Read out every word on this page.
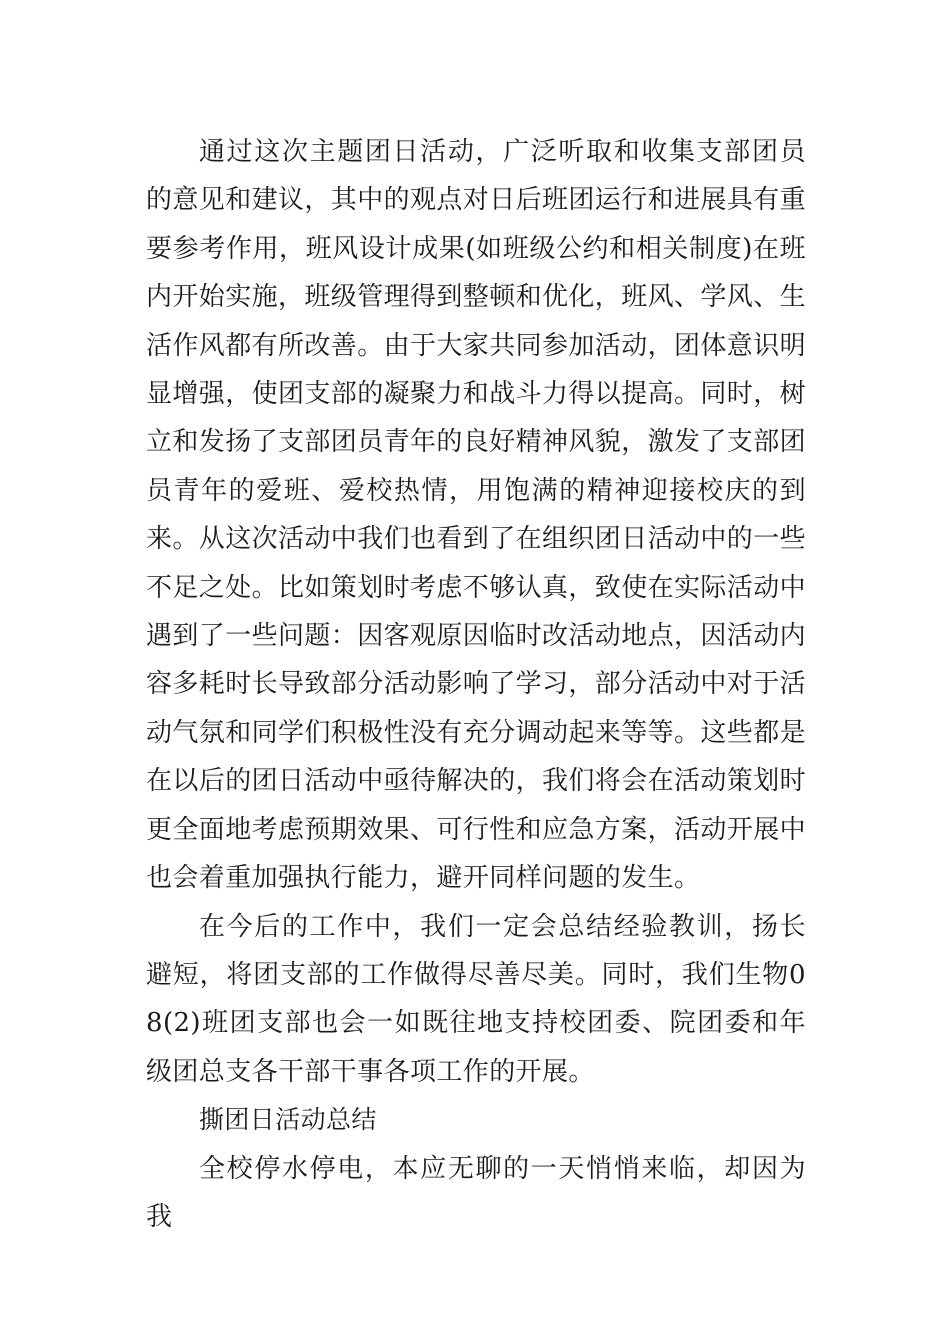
通过这次主题团日活动，广泛听取和收集支部团员的意见和建议，其中的观点对日后班团运行和进展具有重要参考作用，班风设计成果(如班级公约和相关制度)在班内开始实施，班级管理得到整顿和优化，班风、学风、生活作风都有所改善。由于大家共同参加活动，团体意识明显增强，使团支部的凝聚力和战斗力得以提高。同时，树立和发扬了支部团员青年的良好精神风貌，激发了支部团员青年的爱班、爱校热情，用饱满的精神迎接校庆的到来。从这次活动中我们也看到了在组织团日活动中的一些不足之处。比如策划时考虑不够认真，致使在实际活动中遇到了一些问题：因客观原因临时改活动地点，因活动内容多耗时长导致部分活动影响了学习，部分活动中对于活动气氛和同学们积极性没有充分调动起来等等。这些都是在以后的团日活动中亟待解决的，我们将会在活动策划时更全面地考虑预期效果、可行性和应急方案，活动开展中也会着重加强执行能力，避开同样问题的发生。

在今后的工作中，我们一定会总结经验教训，扬长避短，将团支部的工作做得尽善尽美。同时，我们生物08(2)班团支部也会一如既往地支持校团委、院团委和年级团总支各干部干事各项工作的开展。

撕团日活动总结

全校停水停电，本应无聊的一天悄悄来临，却因为我
